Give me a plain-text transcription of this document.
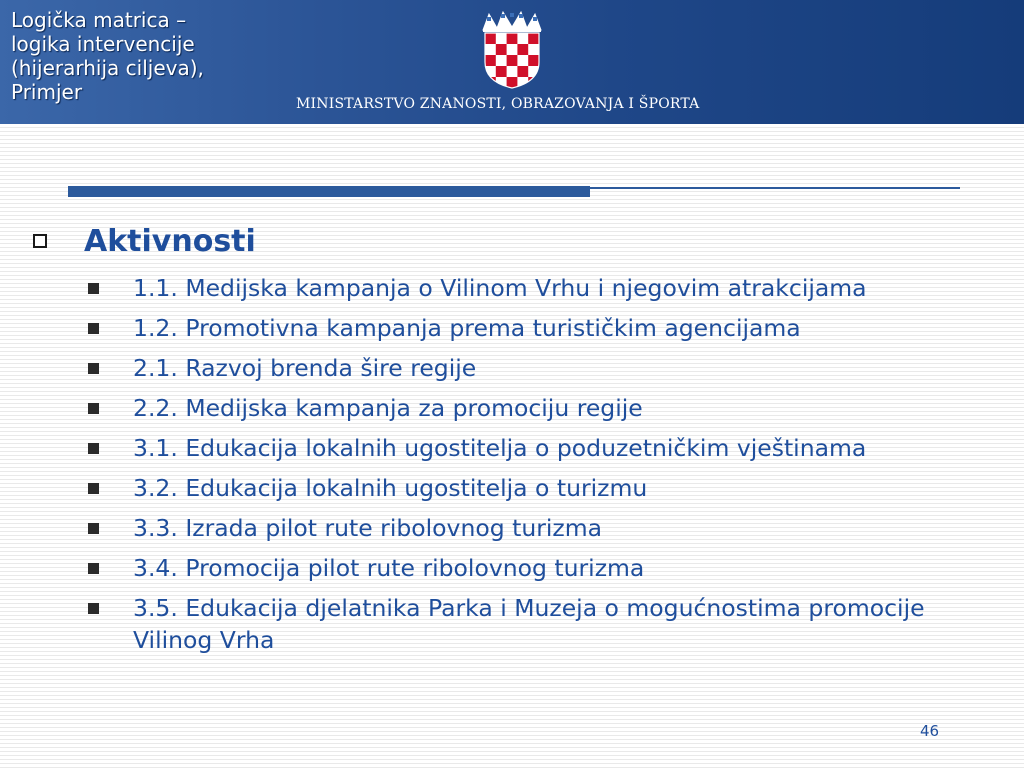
Logička matrica –
logika intervencije
(hijerarhija ciljeva),
Primjer	MINISTARSTVO ZNANOSTI, OBRAZOVANJA I ŠPORTA
Aktivnosti
1.1. Medijska kampanja o Vilinom Vrhu i njegovim atrakcijama
1.2. Promotivna kampanja prema turističkim agencijama
2.1. Razvoj brenda šire regije
2.2. Medijska kampanja za promociju regije
3.1. Edukacija lokalnih ugostitelja o poduzetničkim vještinama
3.2. Edukacija lokalnih ugostitelja o turizmu
3.3. Izrada pilot rute ribolovnog turizma
3.4. Promocija pilot rute ribolovnog turizma
3.5. Edukacija djelatnika Parka i Muzeja o mogućnostima promocije Vilinog Vrha
46
